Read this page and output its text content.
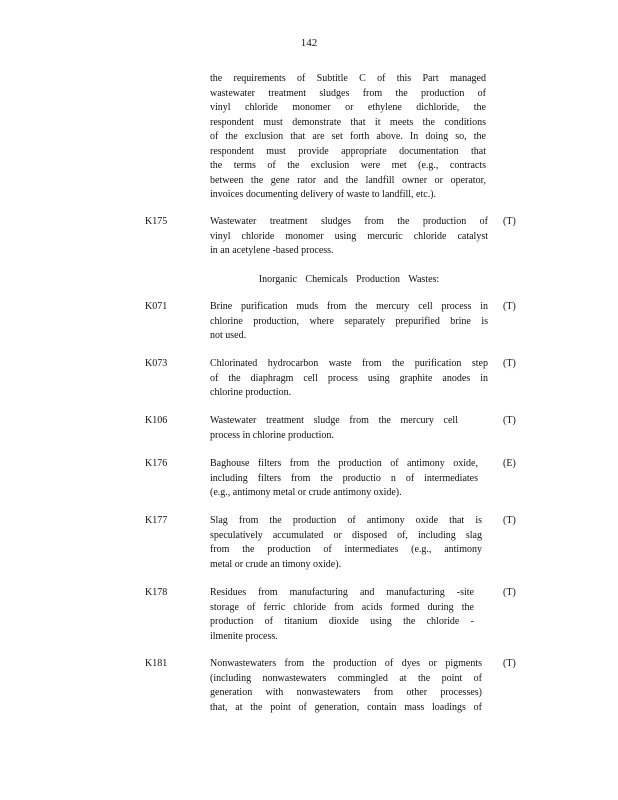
142
the requirements of Subtitle C of this Part managed
wastewater treatment sludges from the production of
vinyl chloride monomer or ethylene dichloride, the
respondent must demonstrate that it meets the conditions
of the exclusion that are set forth above. In doing so, the
respondent must provide appropriate documentation that
the terms of the exclusion were met (e.g., contracts
between the gene rator and the landfill owner or operator,
invoices documenting delivery of waste to landfill, etc.).
K175	Wastewater treatment sludges from the production of
vinyl chloride monomer using mercuric chloride catalyst
in an acetylene -based process.
(T)
Inorganic Chemicals Production Wastes:
K071	Brine purification muds from the mercury cell process in
chlorine production, where separately prepurified brine is
not used.
(T)
K073	Chlorinated hydrocarbon waste from the purification step
of the diaphragm cell process using graphite anodes in
chlorine production.
(T)
K106	Wastewater treatment sludge from the mercury cell
process in chlorine production.
(T)
K176	Baghouse filters from the production of antimony oxide,
including filters from the productio n of intermediates
(e.g., antimony metal or crude antimony oxide).
(E)
K177	Slag from the production of antimony oxide that is
speculatively accumulated or disposed of, including slag
from the production of intermediates (e.g., antimony
metal or crude an timony oxide).
(T)
K178	Residues from manufacturing and manufacturing -site
storage of ferric chloride from acids formed during the
production of titanium dioxide using the chloride -
ilmenite process.
(T)
K181	Nonwastewaters from the production of dyes or pigments
(including nonwastewaters commingled at the point of
generation with nonwastewaters from other processes)
that, at the point of generation, contain mass loadings of
(T)
